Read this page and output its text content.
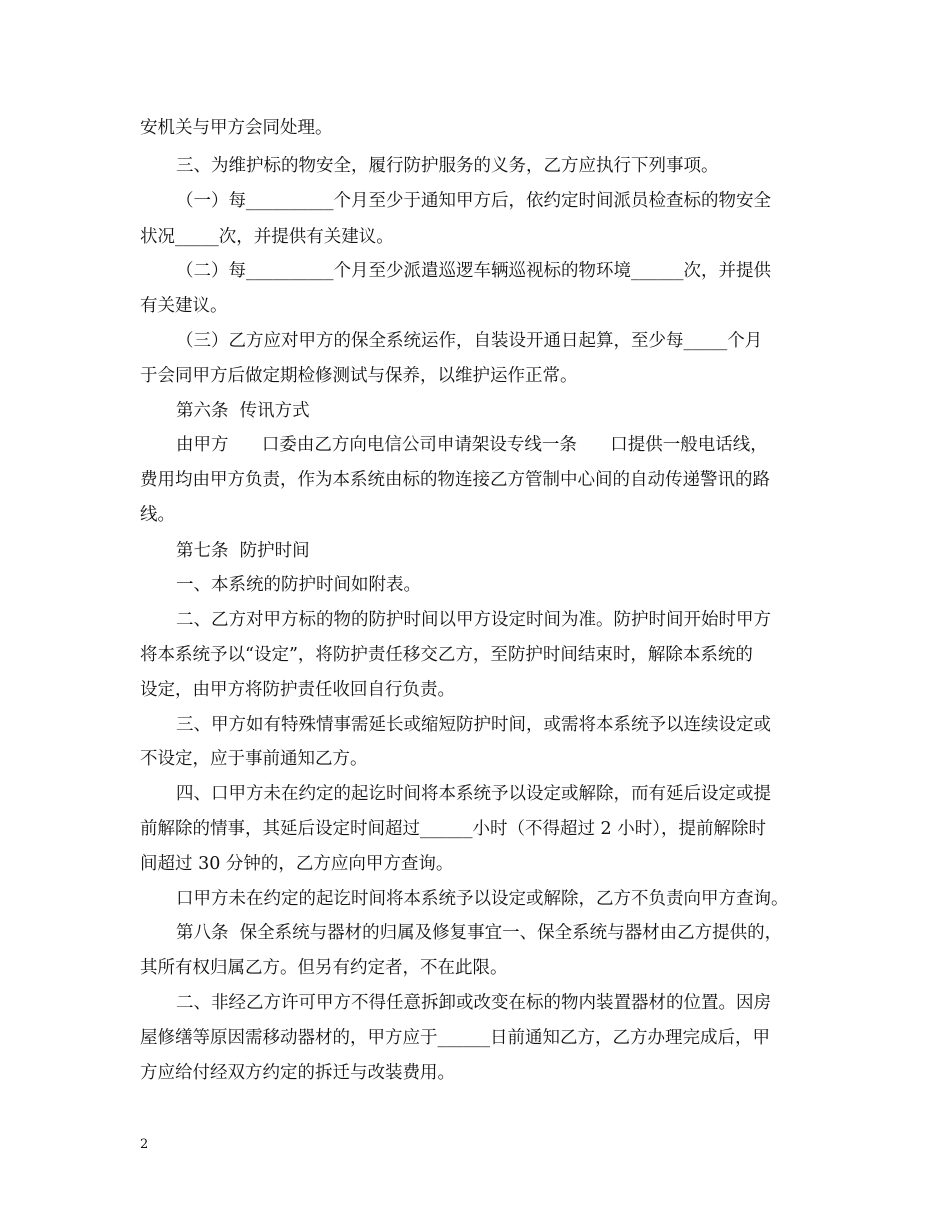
安机关与甲方会同处理。
三、为维护标的物安全，履行防护服务的义务，乙方应执行下列事项。
（一）每__________个月至少于通知甲方后，依约定时间派员检查标的物安全
状况_____次，并提供有关建议。
（二）每__________个月至少派遣巡逻车辆巡视标的物环境______次，并提供
有关建议。
（三）乙方应对甲方的保全系统运作，自装设开通日起算，至少每_____个月
于会同甲方后做定期检修测试与保养，以维护运作正常。
第六条  传讯方式
由甲方      口委由乙方向电信公司申请架设专线一条      口提供一般电话线，
费用均由甲方负责，作为本系统由标的物连接乙方管制中心间的自动传递警讯的路
线。
第七条  防护时间
一、本系统的防护时间如附表。
二、乙方对甲方标的物的防护时间以甲方设定时间为准。防护时间开始时甲方
将本系统予以“设定”，将防护责任移交乙方，至防护时间结束时，解除本系统的
设定，由甲方将防护责任收回自行负责。
三、甲方如有特殊情事需延长或缩短防护时间，或需将本系统予以连续设定或
不设定，应于事前通知乙方。
四、口甲方未在约定的起讫时间将本系统予以设定或解除，而有延后设定或提
前解除的情事，其延后设定时间超过______小时（不得超过 2 小时），提前解除时
间超过 30 分钟的，乙方应向甲方查询。
口甲方未在约定的起讫时间将本系统予以设定或解除，乙方不负责向甲方查询。
第八条  保全系统与器材的归属及修复事宜一、保全系统与器材由乙方提供的，
其所有权归属乙方。但另有约定者，不在此限。
二、非经乙方许可甲方不得任意拆卸或改变在标的物内装置器材的位置。因房
屋修缮等原因需移动器材的，甲方应于______日前通知乙方，乙方办理完成后，甲
方应给付经双方约定的拆迁与改装费用。
2
